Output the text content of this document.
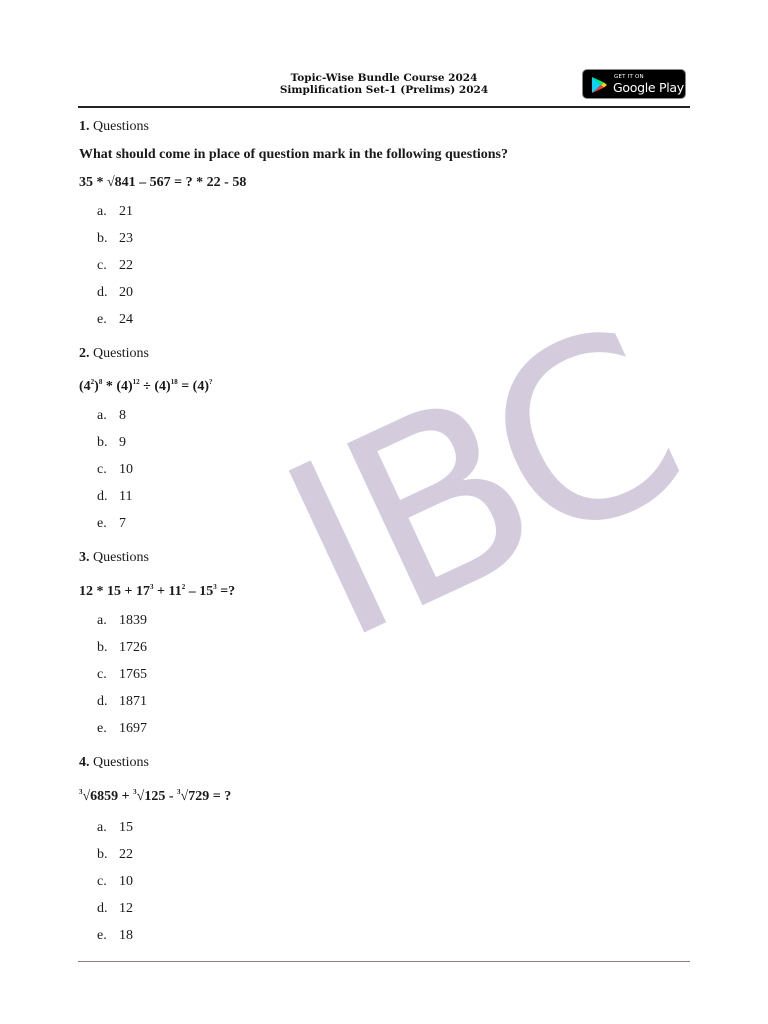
Topic-Wise Bundle Course 2024
Simplification Set-1 (Prelims) 2024
GET IT ON
Google Play
IBC

1. Questions

What should come in place of question mark in the following questions?

35 * √841 – 567 = ? * 22 - 58

a. 21
b. 23
c. 22
d. 20
e. 24

2. Questions

$(4^2)^8 * (4)^{12} \div (4)^{18} = (4)^?$

a. 8
b. 9
c. 10
d. 11
e. 7

3. Questions

$12 * 15 + 17^3 + 11^2 - 15^3$ =?

a. 1839
b. 1726
c. 1765
d. 1871
e. 1697

4. Questions

$^3$√6859 + $^3$√125 - $^3$√729 = ?

a. 15
b. 22
c. 10
d. 12
e. 18
